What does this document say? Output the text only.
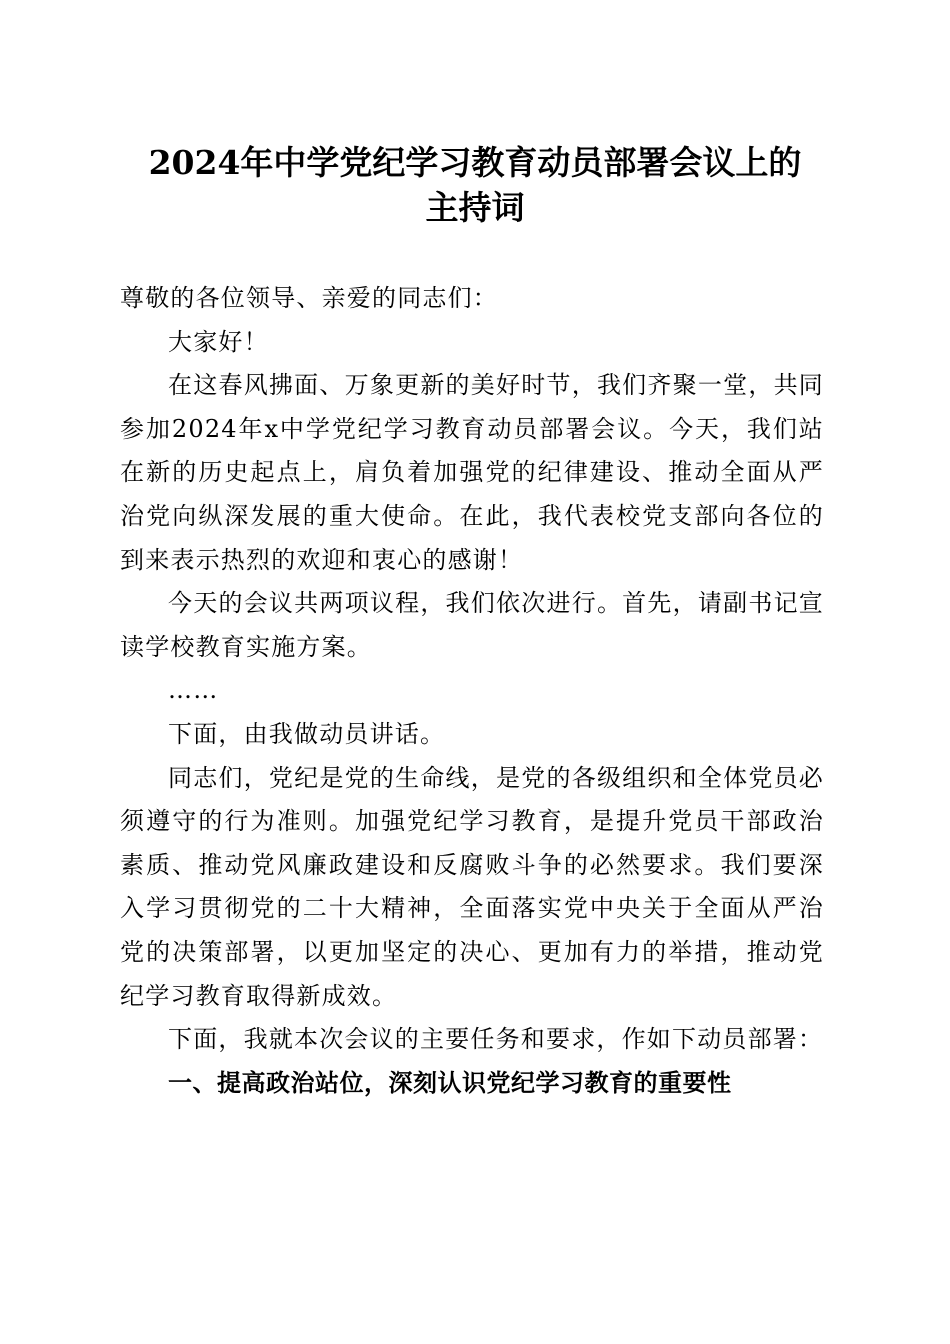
2024年中学党纪学习教育动员部署会议上的
主持词

尊敬的各位领导、亲爱的同志们：

大家好！

在这春风拂面、万象更新的美好时节，我们齐聚一堂，共同参加2024年x中学党纪学习教育动员部署会议。今天，我们站在新的历史起点上，肩负着加强党的纪律建设、推动全面从严治党向纵深发展的重大使命。在此，我代表校党支部向各位的到来表示热烈的欢迎和衷心的感谢！

今天的会议共两项议程，我们依次进行。首先，请副书记宣读学校教育实施方案。

……

下面，由我做动员讲话。

同志们，党纪是党的生命线，是党的各级组织和全体党员必须遵守的行为准则。加强党纪学习教育，是提升党员干部政治素质、推动党风廉政建设和反腐败斗争的必然要求。我们要深入学习贯彻党的二十大精神，全面落实党中央关于全面从严治党的决策部署，以更加坚定的决心、更加有力的举措，推动党纪学习教育取得新成效。

下面，我就本次会议的主要任务和要求，作如下动员部署：

一、提高政治站位，深刻认识党纪学习教育的重要性
